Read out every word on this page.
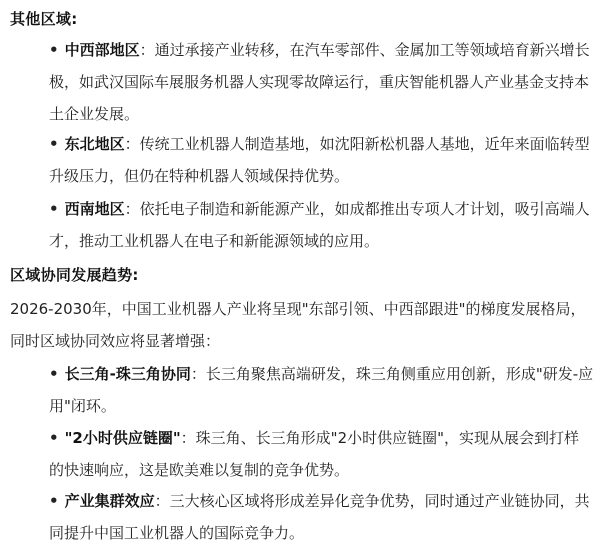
其他区域:
• 中西部地区：通过承接产业转移，在汽车零部件、金属加工等领域培育新兴增长极，如武汉国际车展服务机器人实现零故障运行，重庆智能机器人产业基金支持本土企业发展。
• 东北地区：传统工业机器人制造基地，如沈阳新松机器人基地，近年来面临转型升级压力，但仍在特种机器人领域保持优势。
• 西南地区：依托电子制造和新能源产业，如成都推出专项人才计划，吸引高端人才，推动工业机器人在电子和新能源领域的应用。
区域协同发展趋势:
2026-2030年，中国工业机器人产业将呈现"东部引领、中西部跟进"的梯度发展格局，同时区域协同效应将显著增强：
• 长三角-珠三角协同：长三角聚焦高端研发，珠三角侧重应用创新，形成"研发-应用"闭环。
• "2小时供应链圈"：珠三角、长三角形成"2小时供应链圈"，实现从展会到打样的快速响应，这是欧美难以复制的竞争优势。
• 产业集群效应：三大核心区域将形成差异化竞争优势，同时通过产业链协同，共同提升中国工业机器人的国际竞争力。
